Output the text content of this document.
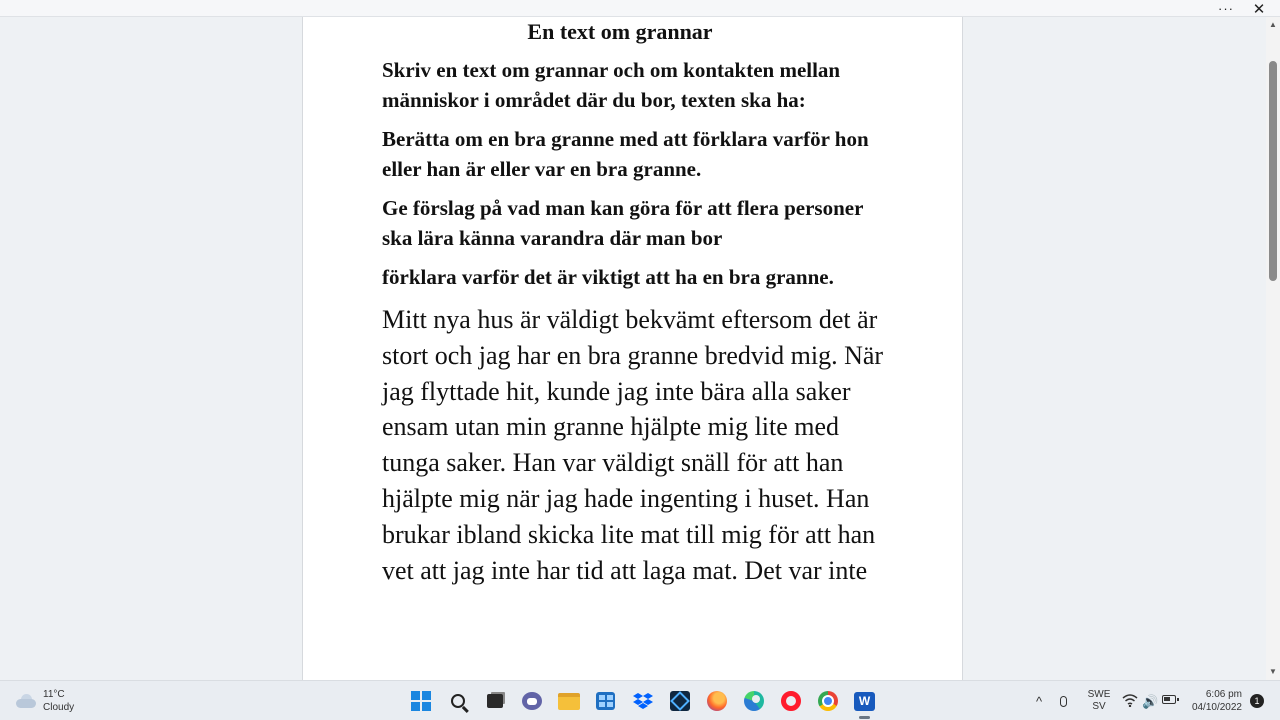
···	✕
En text om grannar
Skriv en text om grannar och om kontakten mellan människor i området där du bor, texten ska ha:
Berätta om en bra granne med att förklara varför hon eller han är eller var en bra granne.
Ge förslag på vad man kan göra för att flera personer ska lära känna varandra där man bor
förklara varför det är viktigt att ha en bra granne.
Mitt nya hus är väldigt bekvämt eftersom det är stort och jag har en bra granne bredvid mig. När jag flyttade hit, kunde jag inte bära alla saker ensam utan min granne hjälpte mig lite med tunga saker. Han var väldigt snäll för att han hjälpte mig när jag hade ingenting i huset. Han brukar ibland skicka lite mat till mig för att han vet att jag inte har tid att laga mat. Det var inte
▲
▼
11°C
Cloudy
W	^	SWE
SV	🔊	6:06 pm
04/10/2022
1
